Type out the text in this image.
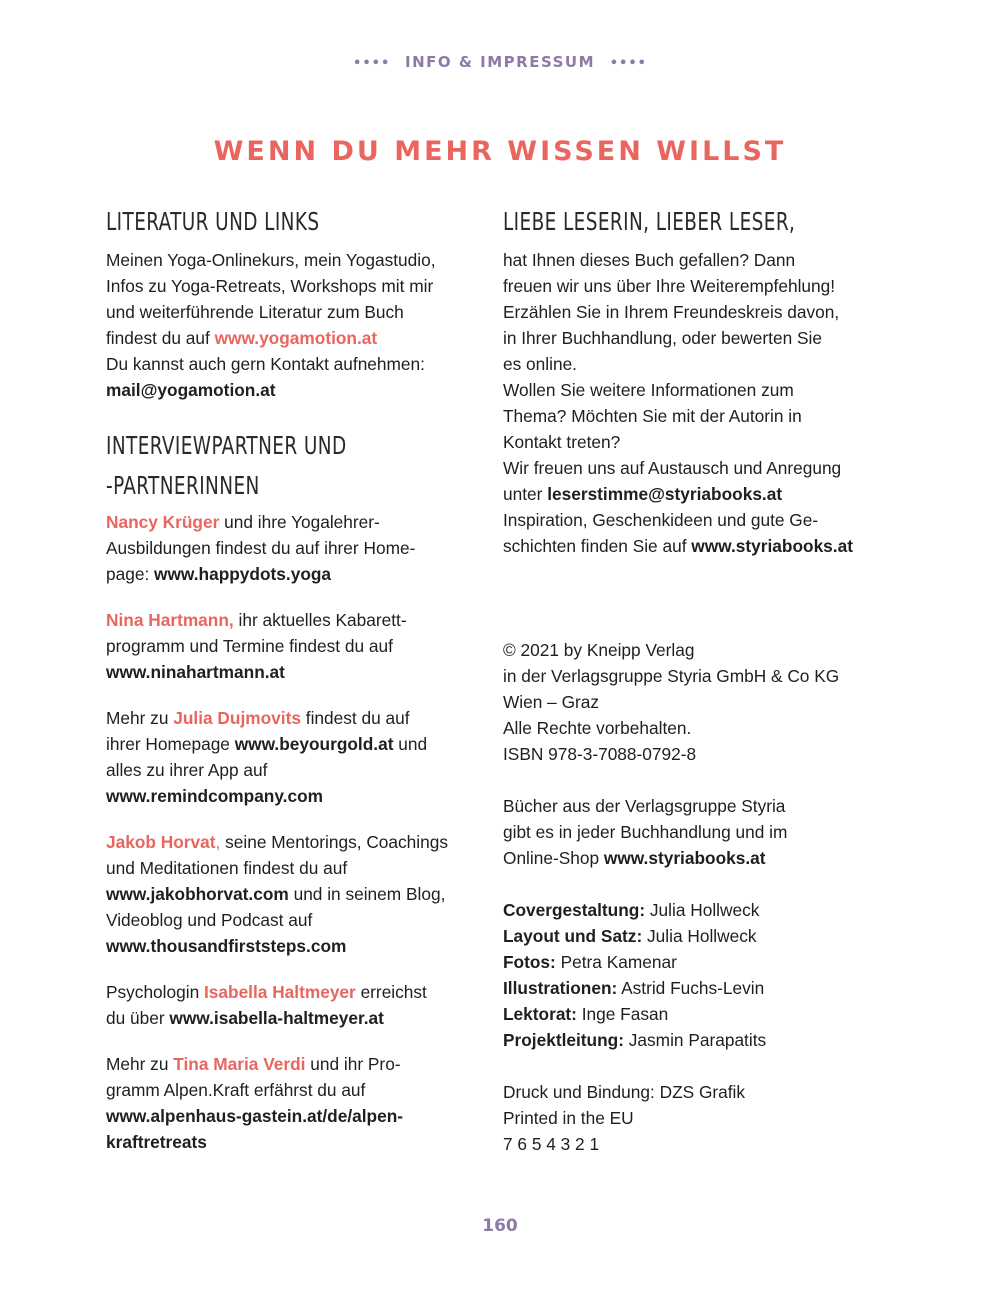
•••• INFO & IMPRESSUM ••••
WENN DU MEHR WISSEN WILLST
LITERATUR UND LINKS

Meinen Yoga-Onlinekurs, mein Yogastudio,

Infos zu Yoga-Retreats, Workshops mit mir

und weiterführende Literatur zum Buch

findest du auf www.yogamotion.at

Du kannst auch gern Kontakt aufnehmen:

mail@yogamotion.at

INTERVIEWPARTNER UND
-PARTNERINNEN

Nancy Krüger und ihre Yogalehrer-

Ausbildungen findest du auf ihrer Home-

page: www.happydots.yoga

Nina Hartmann, ihr aktuelles Kabarett-

programm und Termine findest du auf

www.ninahartmann.at

Mehr zu Julia Dujmovits findest du auf

ihrer Homepage www.beyourgold.at und

alles zu ihrer App auf

www.remindcompany.com

Jakob Horvat, seine Mentorings, Coachings

und Meditationen findest du auf

www.jakobhorvat.com und in seinem Blog,

Videoblog und Podcast auf

www.thousandfirststeps.com

Psychologin Isabella Haltmeyer erreichst

du über www.isabella-haltmeyer.at

Mehr zu Tina Maria Verdi und ihr Pro-

gramm Alpen.Kraft erfährst du auf

www.alpenhaus-gastein.at/de/alpen-

kraftretreats

LIEBE LESERIN, LIEBER LESER,

hat Ihnen dieses Buch gefallen? Dann

freuen wir uns über Ihre Weiterempfehlung!

Erzählen Sie in Ihrem Freundeskreis davon,

in Ihrer Buchhandlung, oder bewerten Sie

es online.

Wollen Sie weitere Informationen zum

Thema? Möchten Sie mit der Autorin in

Kontakt treten?

Wir freuen uns auf Austausch und Anregung

unter leserstimme@styriabooks.at

Inspiration, Geschenkideen und gute Ge-

schichten finden Sie auf www.styriabooks.at

© 2021 by Kneipp Verlag

in der Verlagsgruppe Styria GmbH & Co KG

Wien – Graz

Alle Rechte vorbehalten.

ISBN 978-3-7088-0792-8

Bücher aus der Verlagsgruppe Styria

gibt es in jeder Buchhandlung und im

Online-Shop www.styriabooks.at

Covergestaltung: Julia Hollweck

Layout und Satz: Julia Hollweck

Fotos: Petra Kamenar

Illustrationen: Astrid Fuchs-Levin

Lektorat: Inge Fasan

Projektleitung: Jasmin Parapatits

Druck und Bindung: DZS Grafik

Printed in the EU

7 6 5 4 3 2 1

160
